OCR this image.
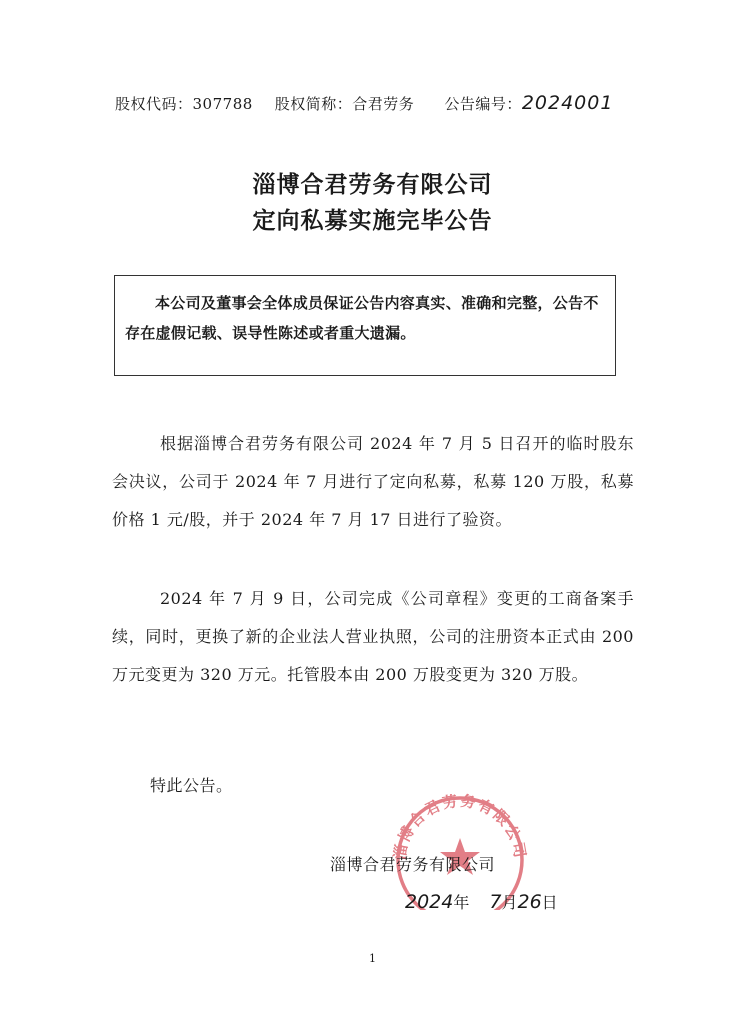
股权代码：307788 股权简称：合君劳务 公告编号：2024001
淄博合君劳务有限公司
定向私募实施完毕公告
本公司及董事会全体成员保证公告内容真实、准确和完整，公告不存在虚假记载、误导性陈述或者重大遗漏。
根据淄博合君劳务有限公司 2024 年 7 月 5 日召开的临时股东会决议，公司于 2024 年 7 月进行了定向私募，私募 120 万股，私募价格 1 元/股，并于 2024 年 7 月 17 日进行了验资。
2024 年 7 月 9 日，公司完成《公司章程》变更的工商备案手续，同时，更换了新的企业法人营业执照，公司的注册资本正式由 200 万元变更为 320 万元。托管股本由 200 万股变更为 320 万股。
特此公告。
淄博合君劳务有限公司
淄博合君劳务有限公司
2024年 7月26日
1
